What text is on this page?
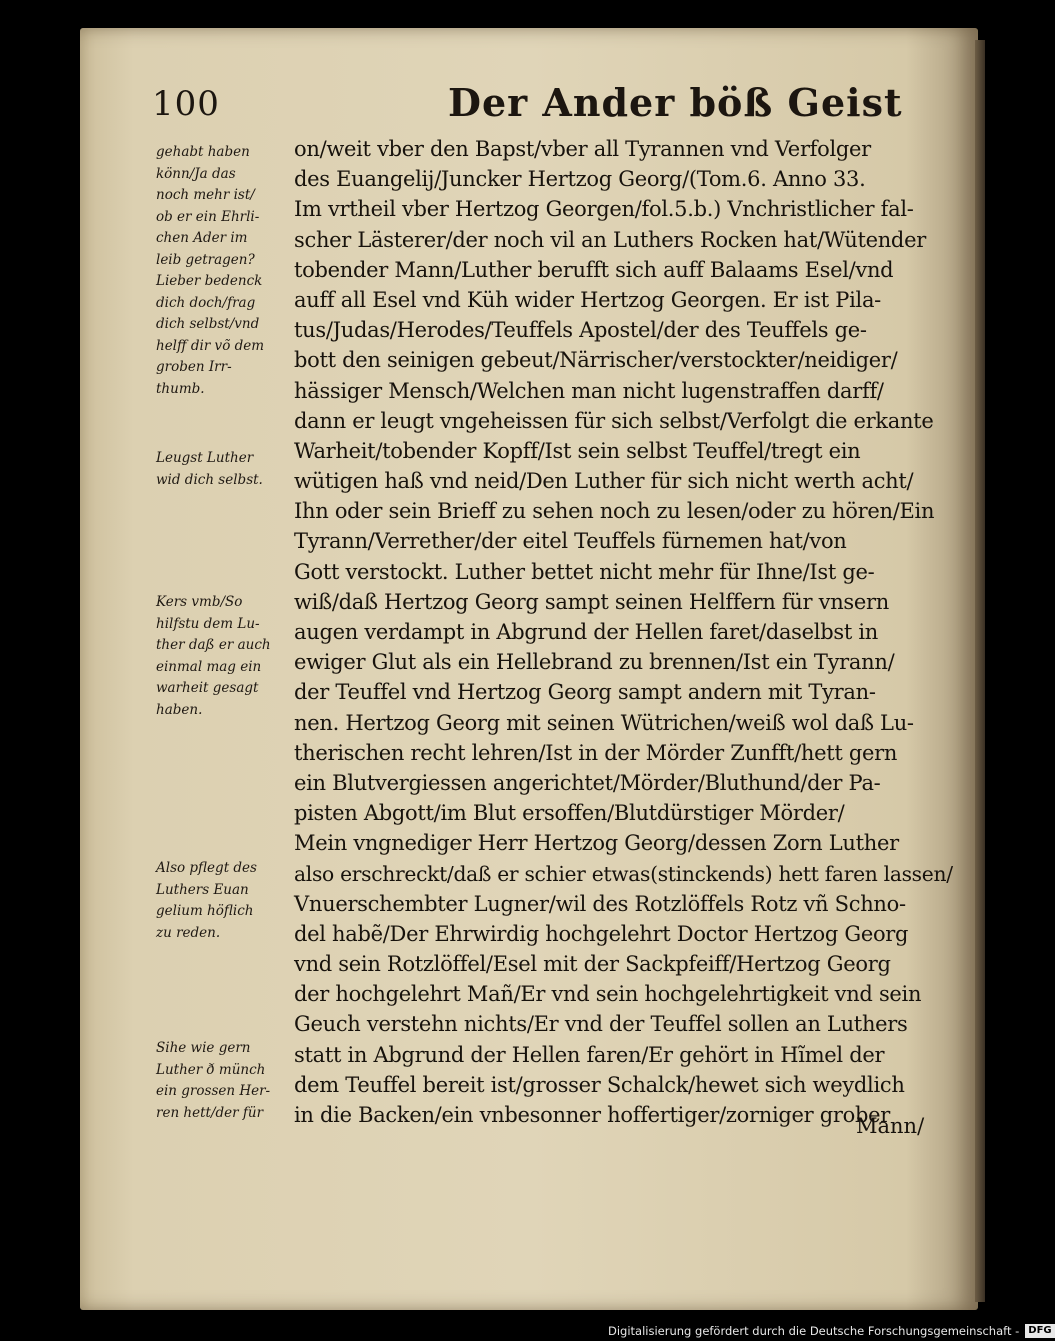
100	Der Ander böß Geist
gehabt haben
könn/Ja das
noch mehr ist/
ob er ein Ehrli-
chen Ader im
leib getragen?
Lieber bedenck
dich doch/frag
dich selbst/vnd
helff dir võ dem
groben Irr-
thumb.
Leugst Luther
wid dich selbst.
Kers vmb/So
hilfstu dem Lu-
ther daß er auch
einmal mag ein
warheit gesagt
haben.
Also pflegt des
Luthers Euan
gelium höflich
zu reden.
Sihe wie gern
Luther ð münch
ein grossen Her-
ren hett/der für
on/weit vber den Bapst/vber all Tyrannen vnd Verfolger
des Euangelij/Juncker Hertzog Georg/(Tom.6. Anno 33.
Im vrtheil vber Hertzog Georgen/fol.5.b.) Vnchristlicher fal-
scher Lästerer/der noch vil an Luthers Rocken hat/Wütender
tobender Mann/Luther berufft sich auff Balaams Esel/vnd
auff all Esel vnd Küh wider Hertzog Georgen. Er ist Pila-
tus/Judas/Herodes/Teuffels Apostel/der des Teuffels ge-
bott den seinigen gebeut/Närrischer/verstockter/neidiger/
hässiger Mensch/Welchen man nicht lugenstraffen darff/
dann er leugt vngeheissen für sich selbst/Verfolgt die erkante
Warheit/tobender Kopff/Ist sein selbst Teuffel/tregt ein
wütigen haß vnd neid/Den Luther für sich nicht werth acht/
Ihn oder sein Brieff zu sehen noch zu lesen/oder zu hören/Ein
Tyrann/Verrether/der eitel Teuffels fürnemen hat/von
Gott verstockt. Luther bettet nicht mehr für Ihne/Ist ge-
wiß/daß Hertzog Georg sampt seinen Helffern für vnsern
augen verdampt in Abgrund der Hellen faret/daselbst in
ewiger Glut als ein Hellebrand zu brennen/Ist ein Tyrann/
der Teuffel vnd Hertzog Georg sampt andern mit Tyran-
nen. Hertzog Georg mit seinen Wütrichen/weiß wol daß Lu-
therischen recht lehren/Ist in der Mörder Zunfft/hett gern
ein Blutvergiessen angerichtet/Mörder/Bluthund/der Pa-
pisten Abgott/im Blut ersoffen/Blutdürstiger Mörder/
Mein vngnediger Herr Hertzog Georg/dessen Zorn Luther
also erschreckt/daß er schier etwas(stinckends) hett faren lassen/
Vnuerschembter Lugner/wil des Rotzlöffels Rotz vñ Schno-
del habẽ/Der Ehrwirdig hochgelehrt Doctor Hertzog Georg
vnd sein Rotzlöffel/Esel mit der Sackpfeiff/Hertzog Georg
der hochgelehrt Mañ/Er vnd sein hochgelehrtigkeit vnd sein
Geuch verstehn nichts/Er vnd der Teuffel sollen an Luthers
statt in Abgrund der Hellen faren/Er gehört in Hĩmel der
dem Teuffel bereit ist/grosser Schalck/hewet sich weydlich
in die Backen/ein vnbesonner hoffertiger/zorniger grober
Mann/
Digitalisierung gefördert durch die Deutsche Forschungsgemeinschaft - DFG
